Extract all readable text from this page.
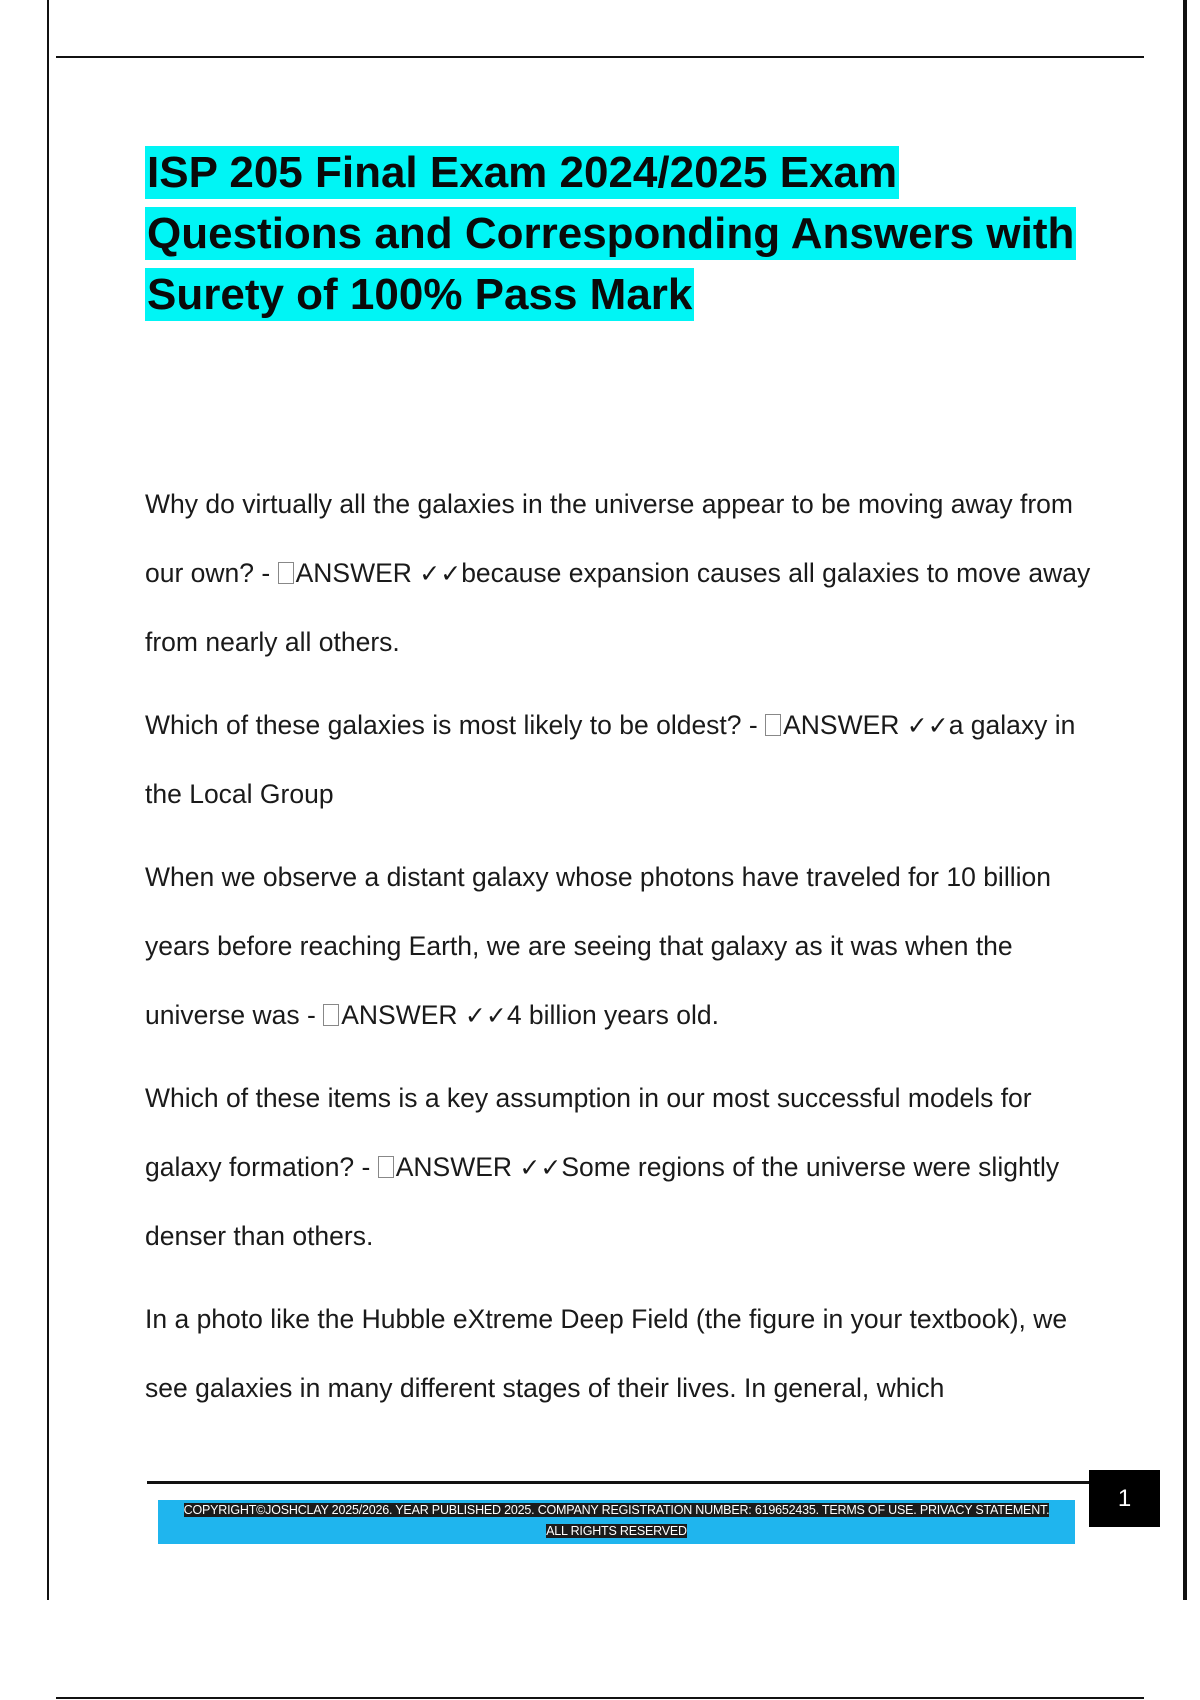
ISP 205 Final Exam 2024/2025 Exam Questions and Corresponding Answers with Surety of 100% Pass Mark

Why do virtually all the galaxies in the universe appear to be moving away from our own? - ANSWER ✓✓because expansion causes all galaxies to move away from nearly all others.

Which of these galaxies is most likely to be oldest? - ANSWER ✓✓a galaxy in the Local Group

When we observe a distant galaxy whose photons have traveled for 10 billion years before reaching Earth, we are seeing that galaxy as it was when the universe was - ANSWER ✓✓4 billion years old.

Which of these items is a key assumption in our most successful models for galaxy formation? - ANSWER ✓✓Some regions of the universe were slightly denser than others.

In a photo like the Hubble eXtreme Deep Field (the figure in your textbook), we see galaxies in many different stages of their lives. In general, which

1
COPYRIGHT©JOSHCLAY 2025/2026. YEAR PUBLISHED 2025. COMPANY REGISTRATION NUMBER: 619652435. TERMS OF USE. PRIVACY STATEMENT. ALL RIGHTS RESERVED
